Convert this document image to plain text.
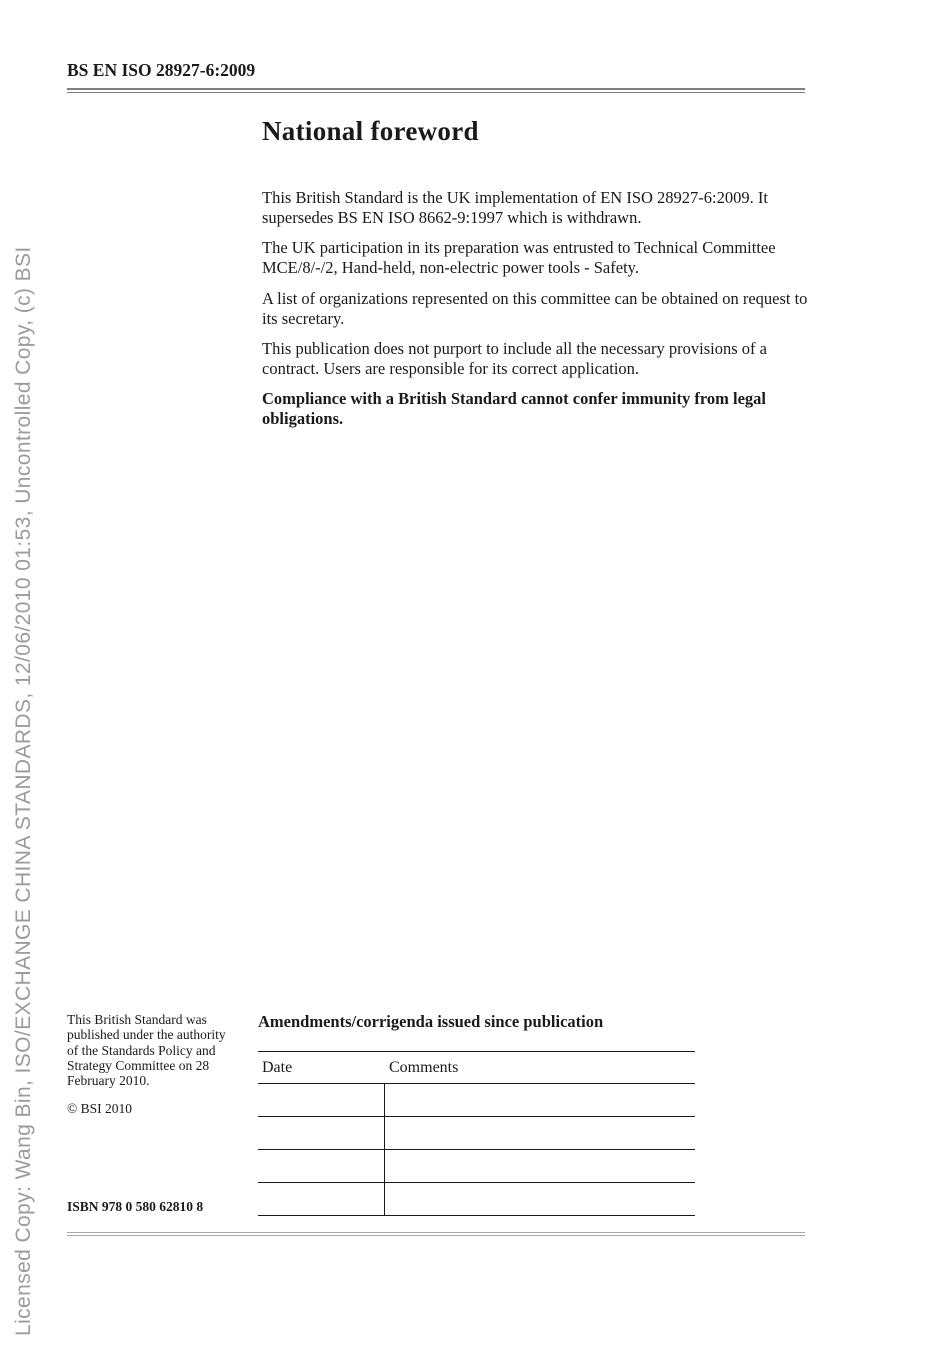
Licensed Copy: Wang Bin, ISO/EXCHANGE CHINA STANDARDS, 12/06/2010 01:53, Uncontrolled Copy, (c) BSI
BS EN ISO 28927-6:2009
National foreword

This British Standard is the UK implementation of EN ISO 28927-6:2009. It supersedes BS EN ISO 8662-9:1997 which is withdrawn.

The UK participation in its preparation was entrusted to Technical Committee MCE/8/-/2, Hand-held, non-electric power tools - Safety.

A list of organizations represented on this committee can be obtained on request to its secretary.

This publication does not purport to include all the necessary provisions of a contract. Users are responsible for its correct application.

Compliance with a British Standard cannot confer immunity from legal obligations.

This British Standard was published under the authority of the Standards Policy and Strategy Committee on 28 February 2010.
© BSI 2010
ISBN 978 0 580 62810 8
Amendments/corrigenda issued since publication
Date	Comments
